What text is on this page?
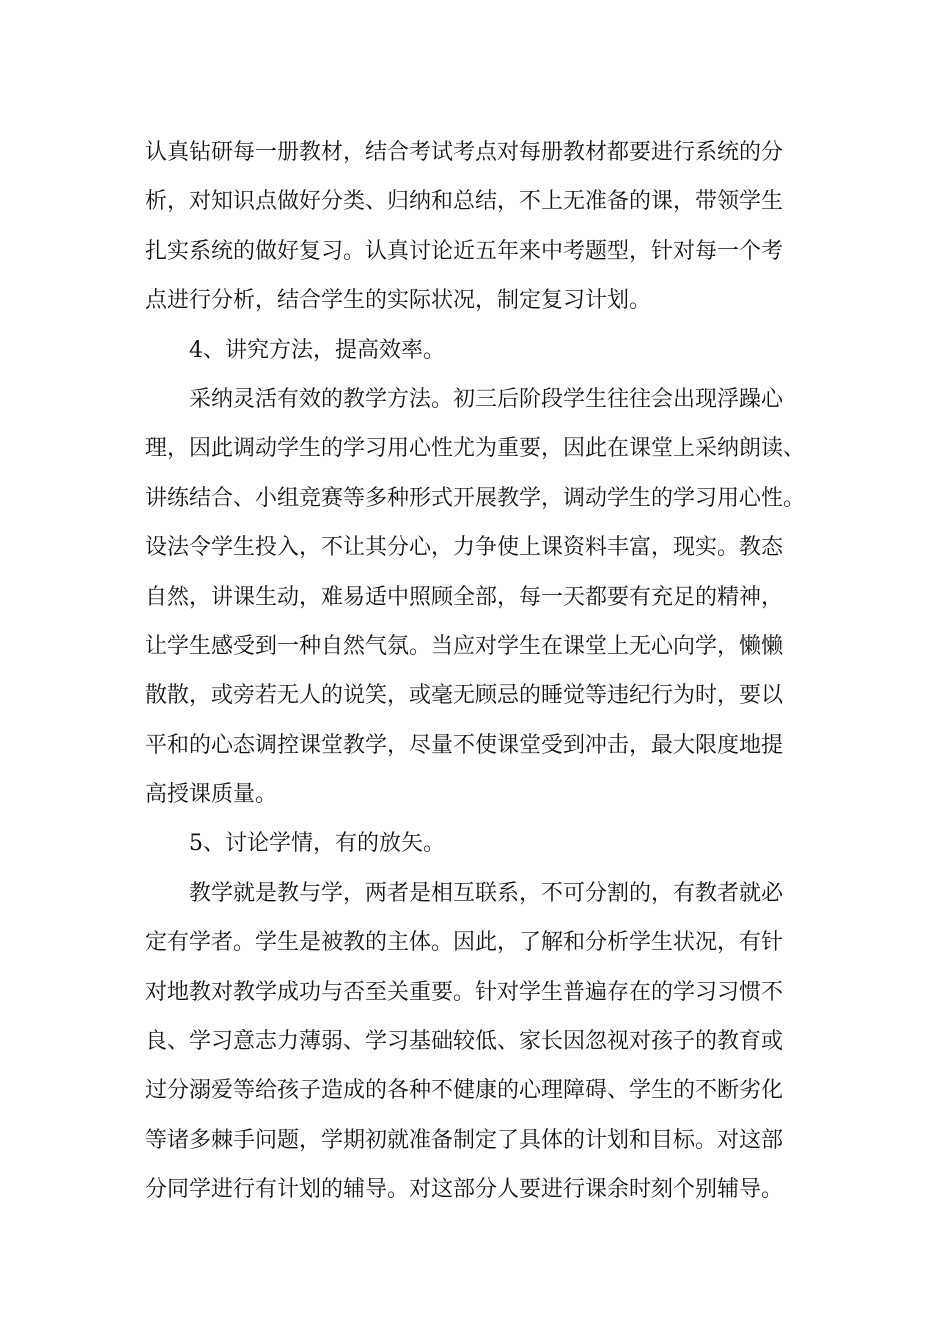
认真钻研每一册教材，结合考试考点对每册教材都要进行系统的分
析，对知识点做好分类、归纳和总结，不上无准备的课，带领学生
扎实系统的做好复习。认真讨论近五年来中考题型，针对每一个考
点进行分析，结合学生的实际状况，制定复习计划。
4、讲究方法，提高效率。
采纳灵活有效的教学方法。初三后阶段学生往往会出现浮躁心
理，因此调动学生的学习用心性尤为重要，因此在课堂上采纳朗读、
讲练结合、小组竞赛等多种形式开展教学，调动学生的学习用心性。
设法令学生投入，不让其分心，力争使上课资料丰富，现实。教态
自然，讲课生动，难易适中照顾全部，每一天都要有充足的精神，
让学生感受到一种自然气氛。当应对学生在课堂上无心向学，懒懒
散散，或旁若无人的说笑，或毫无顾忌的睡觉等违纪行为时，要以
平和的心态调控课堂教学，尽量不使课堂受到冲击，最大限度地提
高授课质量。
5、讨论学情，有的放矢。
教学就是教与学，两者是相互联系，不可分割的，有教者就必
定有学者。学生是被教的主体。因此，了解和分析学生状况，有针
对地教对教学成功与否至关重要。针对学生普遍存在的学习习惯不
良、学习意志力薄弱、学习基础较低、家长因忽视对孩子的教育或
过分溺爱等给孩子造成的各种不健康的心理障碍、学生的不断劣化
等诸多棘手问题，学期初就准备制定了具体的计划和目标。对这部
分同学进行有计划的辅导。对这部分人要进行课余时刻个别辅导。
